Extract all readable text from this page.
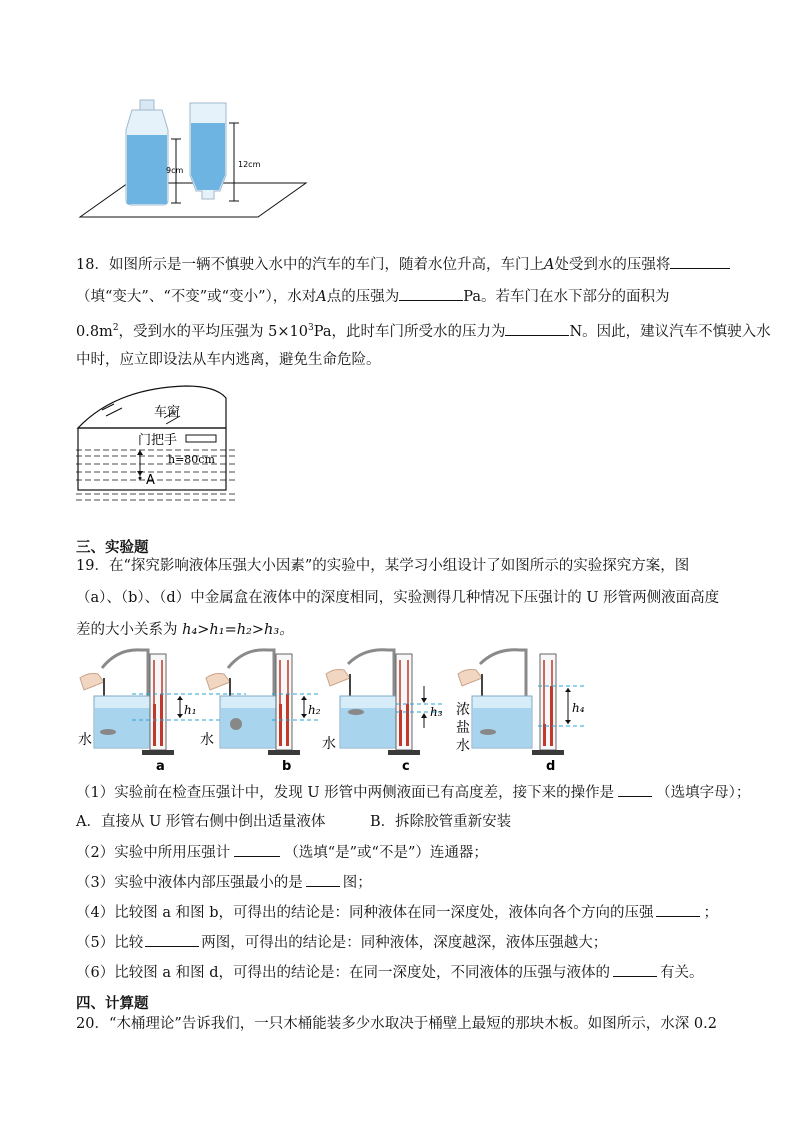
9cm
12cm
18．如图所示是一辆不慎驶入水中的汽车的车门，随着水位升高，车门上A处受到水的压强将
（填“变大”、“不变”或“变小”），水对A点的压强为	Pa。若车门在水下部分的面积为
$0.8m^2$，受到水的平均压强为 $5\times 10^3Pa$，此时车门所受水的压力为	N。因此，建议汽车不慎驶入水
中时，应立即设法从车内逃离，避免生命危险。
车窗
门把手
h=80cm
A
三、实验题
19．在“探究影响液体压强大小因素”的实验中，某学习小组设计了如图所示的实验探究方案，图
（a）、（b）、（d）中金属盒在液体中的深度相同，实验测得几种情况下压强计的 U 形管两侧液面高度
差的大小关系为 h₄>h₁=h₂>h₃。
h₁
水
h₂
水
h₃
水
h₄
浓
盐
水
a	b	c	d
（1）实验前在检查压强计中，发现 U 形管中两侧液面已有高度差，接下来的操作是	（选填字母）；
A．直接从 U 形管右侧中倒出适量液体	B．拆除胶管重新安装
（2）实验中所用压强计	（选填“是”或“不是”）连通器；
（3）实验中液体内部压强最小的是	图；
（4）比较图 a 和图 b，可得出的结论是：同种液体在同一深度处，液体向各个方向的压强	；
（5）比较	两图，可得出的结论是：同种液体，深度越深，液体压强越大；
（6）比较图 a 和图 d，可得出的结论是：在同一深度处，不同液体的压强与液体的	有关。
四、计算题
20．“木桶理论”告诉我们，一只木桶能装多少水取决于桶壁上最短的那块木板。如图所示，水深 0.2
